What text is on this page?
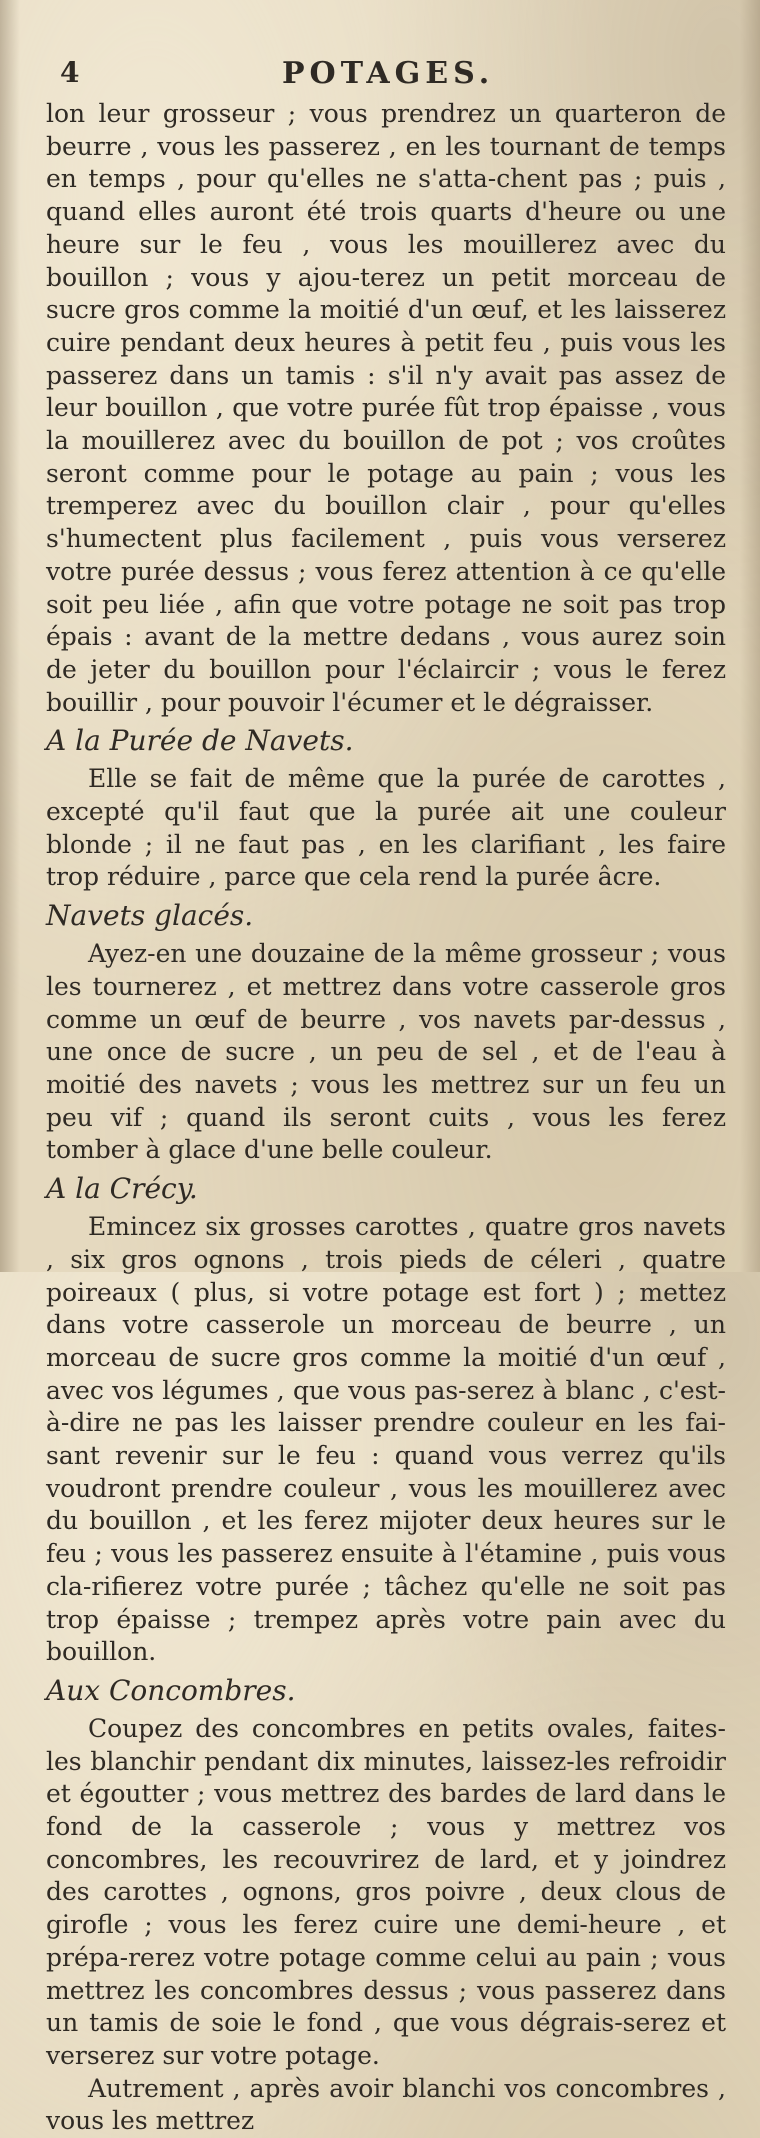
4	POTAGES.

lon leur grosseur ; vous prendrez un quarteron de beurre , vous les passerez , en les tournant de temps en temps , pour qu'elles ne s'atta-chent pas ; puis , quand elles auront été trois quarts d'heure ou une heure sur le feu , vous les mouillerez avec du bouillon ; vous y ajou-terez un petit morceau de sucre gros comme la moitié d'un œuf, et les laisserez cuire pendant deux heures à petit feu , puis vous les passerez dans un tamis : s'il n'y avait pas assez de leur bouillon , que votre purée fût trop épaisse , vous la mouillerez avec du bouillon de pot ; vos croûtes seront comme pour le potage au pain ; vous les tremperez avec du bouillon clair , pour qu'elles s'humectent plus facilement , puis vous verserez votre purée dessus ; vous ferez attention à ce qu'elle soit peu liée , afin que votre potage ne soit pas trop épais : avant de la mettre dedans , vous aurez soin de jeter du bouillon pour l'éclaircir ; vous le ferez bouillir , pour pouvoir l'écumer et le dégraisser.

A la Purée de Navets.

Elle se fait de même que la purée de carottes , excepté qu'il faut que la purée ait une couleur blonde ; il ne faut pas , en les clarifiant , les faire trop réduire , parce que cela rend la purée âcre.

Navets glacés.

Ayez-en une douzaine de la même grosseur ; vous les tournerez , et mettrez dans votre casserole gros comme un œuf de beurre , vos navets par-dessus , une once de sucre , un peu de sel , et de l'eau à moitié des navets ; vous les mettrez sur un feu un peu vif ; quand ils seront cuits , vous les ferez tomber à glace d'une belle couleur.

A la Crécy.

Emincez six grosses carottes , quatre gros navets , six gros ognons , trois pieds de céleri , quatre poireaux ( plus, si votre potage est fort ) ; mettez dans votre casserole un morceau de beurre , un morceau de sucre gros comme la moitié d'un œuf , avec vos légumes , que vous pas-serez à blanc , c'est-à-dire ne pas les laisser prendre couleur en les fai-sant revenir sur le feu : quand vous verrez qu'ils voudront prendre couleur , vous les mouillerez avec du bouillon , et les ferez mijoter deux heures sur le feu ; vous les passerez ensuite à l'étamine , puis vous cla-rifierez votre purée ; tâchez qu'elle ne soit pas trop épaisse ; trempez après votre pain avec du bouillon.

Aux Concombres.

Coupez des concombres en petits ovales, faites-les blanchir pendant dix minutes, laissez-les refroidir et égoutter ; vous mettrez des bardes de lard dans le fond de la casserole ; vous y mettrez vos concombres, les recouvrirez de lard, et y joindrez des carottes , ognons, gros poivre , deux clous de girofle ; vous les ferez cuire une demi-heure , et prépa-rerez votre potage comme celui au pain ; vous mettrez les concombres dessus ; vous passerez dans un tamis de soie le fond , que vous dégrais-serez et verserez sur votre potage.

Autrement , après avoir blanchi vos concombres , vous les mettrez
